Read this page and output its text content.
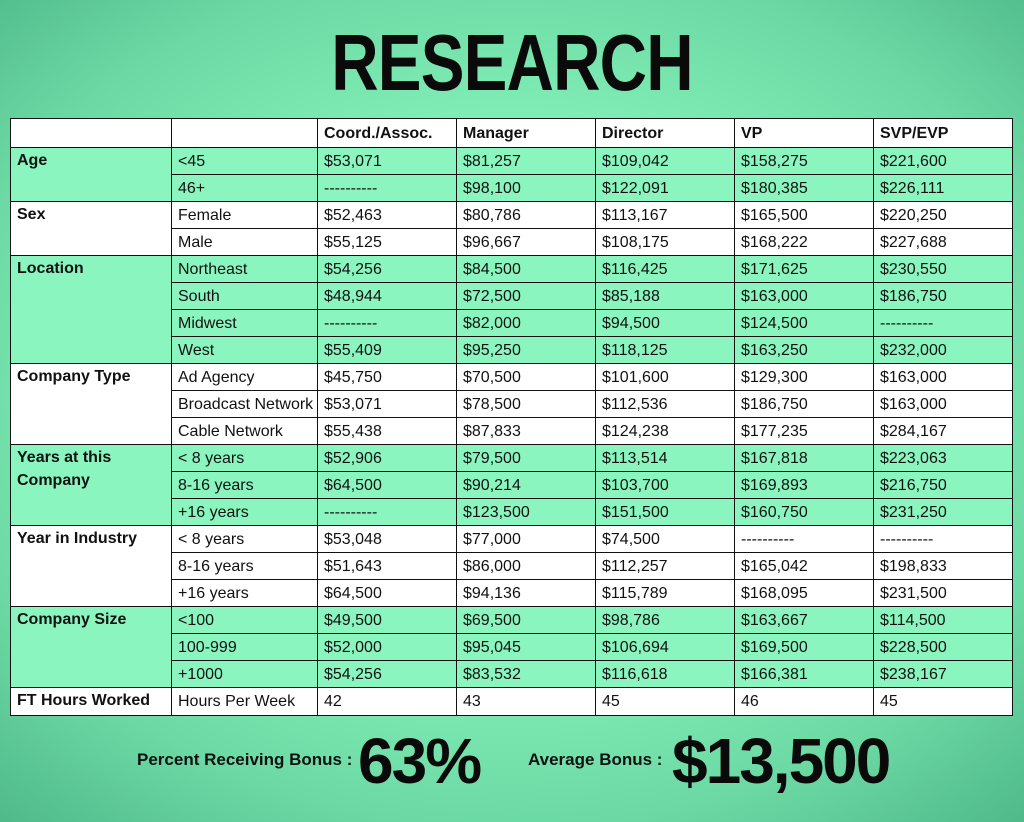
RESEARCH
		Coord./Assoc.	Manager	Director	VP	SVP/EVP
Age	<45	$53,071	$81,257	$109,042	$158,275	$221,600
	46+	----------	$98,100	$122,091	$180,385	$226,111
Sex	Female	$52,463	$80,786	$113,167	$165,500	$220,250
	Male	$55,125	$96,667	$108,175	$168,222	$227,688
Location	Northeast	$54,256	$84,500	$116,425	$171,625	$230,550
	South	$48,944	$72,500	$85,188	$163,000	$186,750
	Midwest	----------	$82,000	$94,500	$124,500	----------
	West	$55,409	$95,250	$118,125	$163,250	$232,000
Company Type	Ad Agency	$45,750	$70,500	$101,600	$129,300	$163,000
	Broadcast Network	$53,071	$78,500	$112,536	$186,750	$163,000
	Cable Network	$55,438	$87,833	$124,238	$177,235	$284,167
Years at this Company	< 8 years	$52,906	$79,500	$113,514	$167,818	$223,063
	8-16 years	$64,500	$90,214	$103,700	$169,893	$216,750
	+16 years	----------	$123,500	$151,500	$160,750	$231,250
Year in Industry	< 8 years	$53,048	$77,000	$74,500	----------	----------
	8-16 years	$51,643	$86,000	$112,257	$165,042	$198,833
	+16 years	$64,500	$94,136	$115,789	$168,095	$231,500
Company Size	<100	$49,500	$69,500	$98,786	$163,667	$114,500
	100-999	$52,000	$95,045	$106,694	$169,500	$228,500
	+1000	$54,256	$83,532	$116,618	$166,381	$238,167
FT Hours Worked	Hours Per Week	42	43	45	46	45
Percent Receiving Bonus : 63%	Average Bonus : $13,500
